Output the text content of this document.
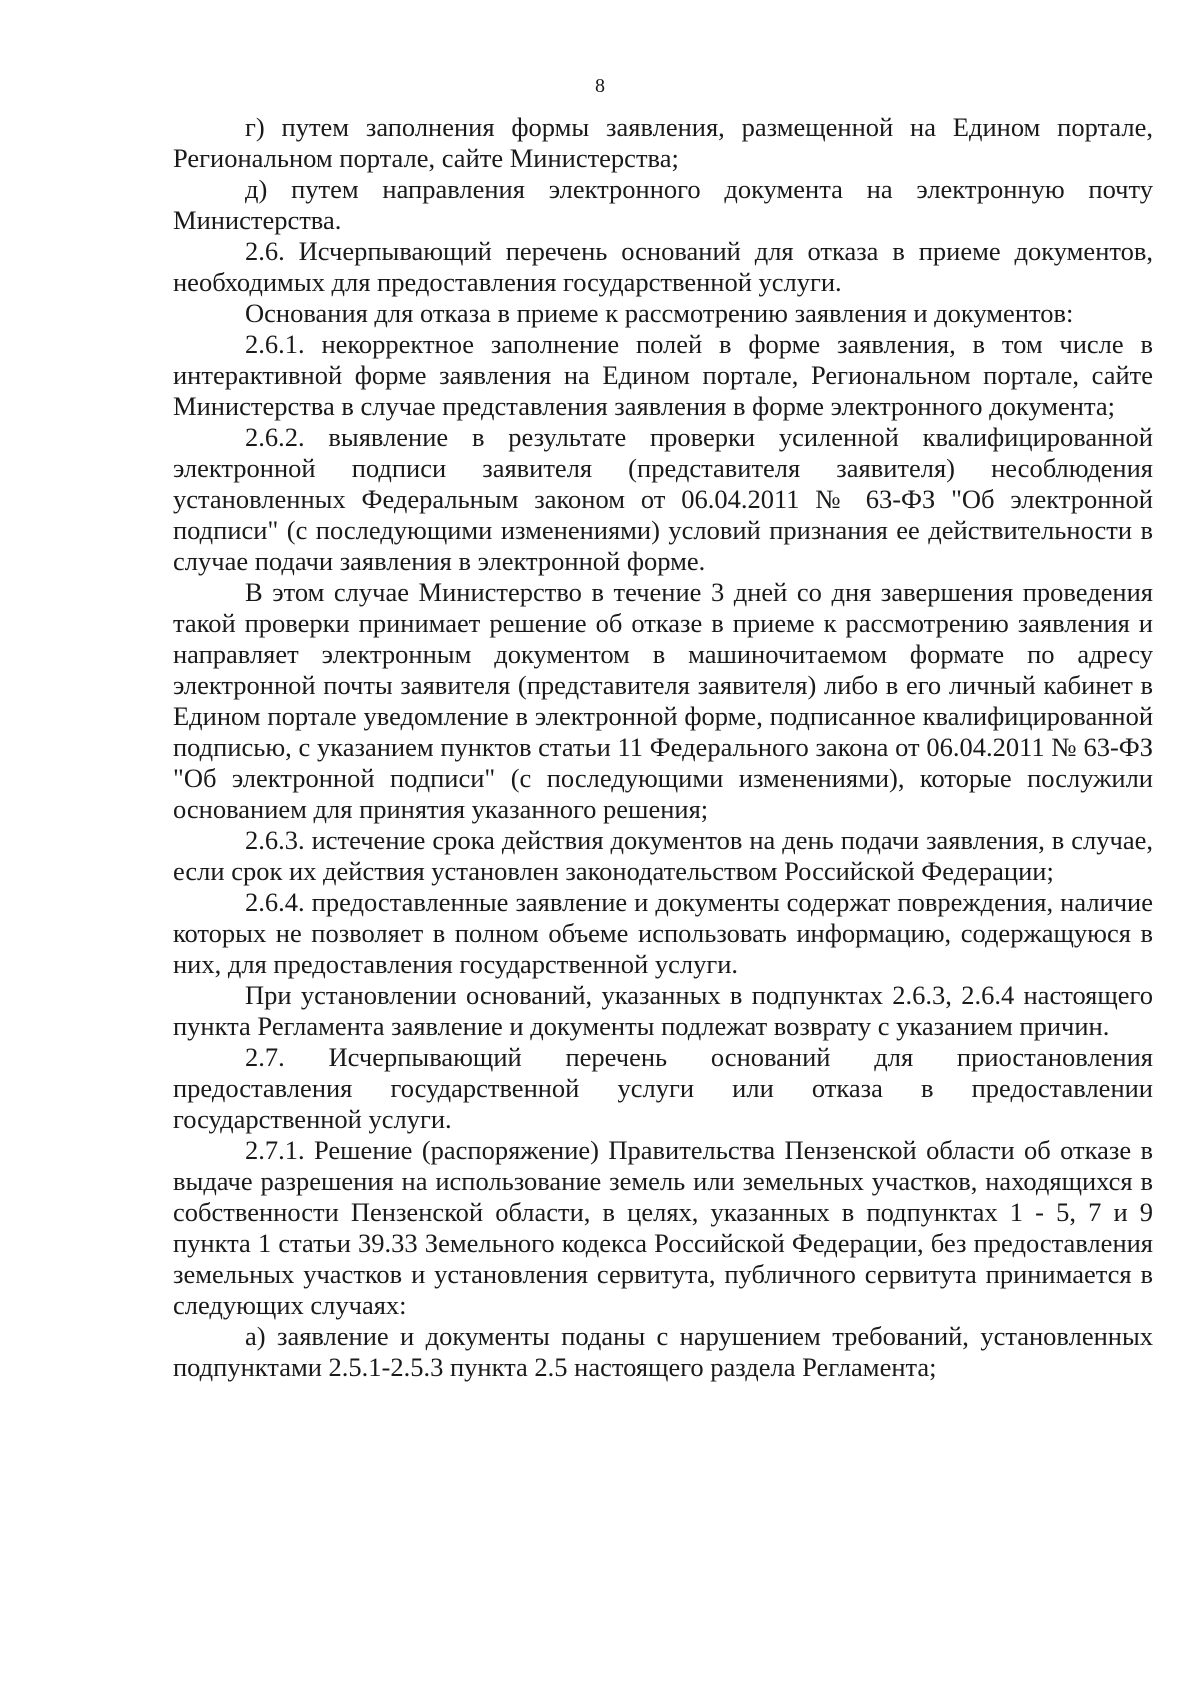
8

г) путем заполнения формы заявления, размещенной на Едином портале, Региональном портале, сайте Министерства;

д) путем направления электронного документа на электронную почту Министерства.

2.6. Исчерпывающий перечень оснований для отказа в приеме документов, необходимых для предоставления государственной услуги.

Основания для отказа в приеме к рассмотрению заявления и документов:

2.6.1. некорректное заполнение полей в форме заявления, в том числе в интерактивной форме заявления на Едином портале, Региональном портале, сайте Министерства в случае представления заявления в форме электронного документа;

2.6.2. выявление в результате проверки усиленной квалифицированной электронной подписи заявителя (представителя заявителя) несоблюдения установленных Федеральным законом от 06.04.2011 № 63-ФЗ "Об электронной подписи" (с последующими изменениями) условий признания ее действительности в случае подачи заявления в электронной форме.

В этом случае Министерство в течение 3 дней со дня завершения проведения такой проверки принимает решение об отказе в приеме к рассмотрению заявления и направляет электронным документом в машиночитаемом формате по адресу электронной почты заявителя (представителя заявителя) либо в его личный кабинет в Едином портале уведомление в электронной форме, подписанное квалифицированной подписью, с указанием пунктов статьи 11 Федерального закона от 06.04.2011 № 63-ФЗ "Об электронной подписи" (с последующими изменениями), которые послужили основанием для принятия указанного решения;

2.6.3. истечение срока действия документов на день подачи заявления, в случае, если срок их действия установлен законодательством Российской Федерации;

2.6.4. предоставленные заявление и документы содержат повреждения, наличие которых не позволяет в полном объеме использовать информацию, содержащуюся в них, для предоставления государственной услуги.

При установлении оснований, указанных в подпунктах 2.6.3, 2.6.4 настоящего пункта Регламента заявление и документы подлежат возврату с указанием причин.

2.7. Исчерпывающий перечень оснований для приостановления предоставления государственной услуги или отказа в предоставлении государственной услуги.

2.7.1. Решение (распоряжение) Правительства Пензенской области об отказе в выдаче разрешения на использование земель или земельных участков, находящихся в собственности Пензенской области, в целях, указанных в подпунктах 1 - 5, 7 и 9 пункта 1 статьи 39.33 Земельного кодекса Российской Федерации, без предоставления земельных участков и установления сервитута, публичного сервитута принимается в следующих случаях:

а) заявление и документы поданы с нарушением требований, установленных подпунктами 2.5.1-2.5.3 пункта 2.5 настоящего раздела Регламента;
